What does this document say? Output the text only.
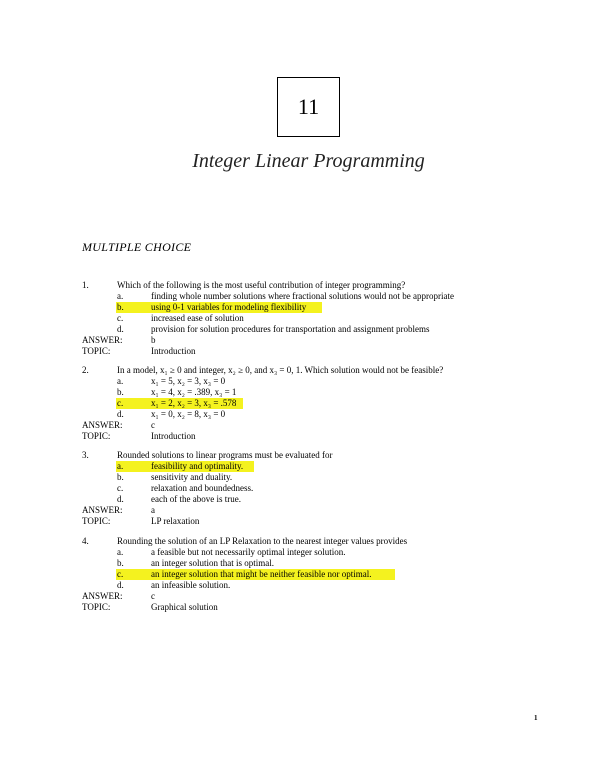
11
Integer Linear Programming
MULTIPLE CHOICE
1.	Which of the following is the most useful contribution of integer programming?
a.	finding whole number solutions where fractional solutions would not be appropriate
b.	using 0-1 variables for modeling flexibility
c.	increased ease of solution
d.	provision for solution procedures for transportation and assignment problems
ANSWER:	b
TOPIC:	Introduction
2.	In a model, x₁ ≥ 0 and integer, x₂ ≥ 0, and x₃ = 0, 1. Which solution would not be feasible?
a.	x₁ = 5, x₂ = 3, x₃ = 0
b.	x₁ = 4, x₂ = .389, x₃ = 1
c.	x₁ = 2, x₂ = 3, x₃ = .578
d.	x₁ = 0, x₂ = 8, x₃ = 0
ANSWER:	c
TOPIC:	Introduction
3.	Rounded solutions to linear programs must be evaluated for
a.	feasibility and optimality.
b.	sensitivity and duality.
c.	relaxation and boundedness.
d.	each of the above is true.
ANSWER:	a
TOPIC:	LP relaxation
4.	Rounding the solution of an LP Relaxation to the nearest integer values provides
a.	a feasible but not necessarily optimal integer solution.
b.	an integer solution that is optimal.
c.	an integer solution that might be neither feasible nor optimal.
d.	an infeasible solution.
ANSWER:	c
TOPIC:	Graphical solution
1
